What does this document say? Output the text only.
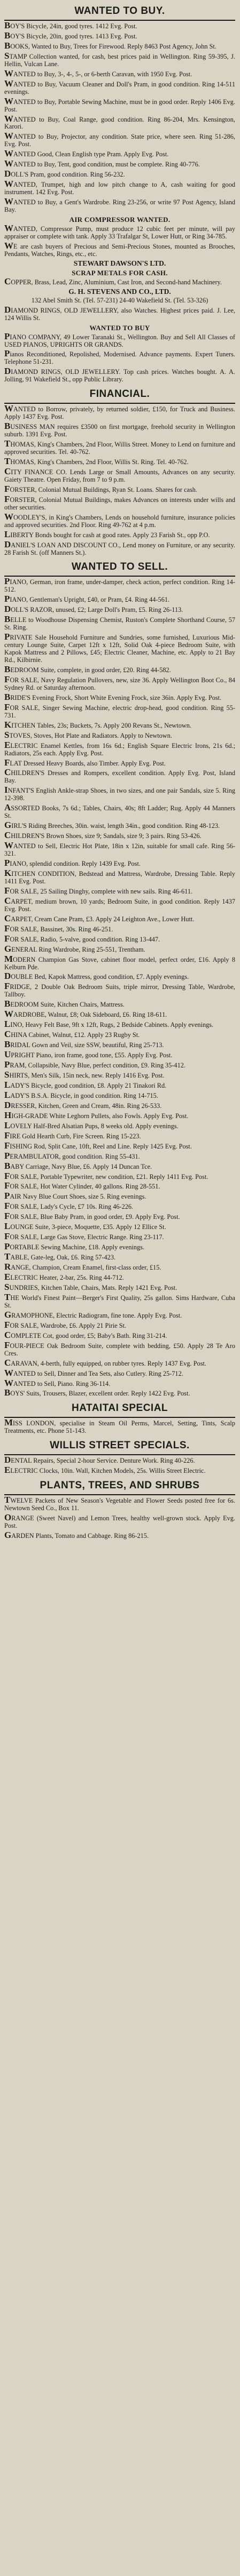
WANTED TO BUY.
BOY'S Bicycle, 24in, good tyres. 1412 Evg. Post.
BOY'S Bicycle, 20in, good tyres. 1413 Evg. Post.
BOOKS, Wanted to Buy, Trees for Firewood. Reply 8463 Post Agency, John St.
STAMP Collection wanted, for cash, best prices paid in Wellington. Ring 59-395, J. Hellin, Vulcan Lane.
WANTED to Buy, 3-, 4-, 5-, or 6-berth Caravan, with 1950 Evg. Post.
WANTED to Buy, Vacuum Cleaner and Doll's Pram, in good condition. Ring 14-511 evenings.
WANTED to Buy, Portable Sewing Machine, must be in good order. Reply 1406 Evg. Post.
WANTED to Buy, Coal Range, good condition. Ring 86-204, Mrs. Kensington, Karori.
WANTED to Buy, Projector, any condition. State price, where seen. Ring 51-286, Evg. Post.
WANTED Good, Clean English type Pram. Apply Evg. Post.
WANTED to Buy, Tent, good condition, must be complete. Ring 40-776.
DOLL'S Pram, good condition. Ring 56-232.
WANTED, Trumpet, high and low pitch change to A, cash waiting for good instrument. 142 Evg. Post.
WANTED to Buy, a Gent's Wardrobe. Ring 23-256, or write 97 Post Agency, Island Bay.
AIR COMPRESSOR WANTED.
WANTED, Compressor Pump, must produce 12 cubic feet per minute, will pay appraiser or complete with tank. Apply 33 Trafalgar St, Lower Hutt, or Ring 34-785.
WE are cash buyers of Precious and Semi-Precious Stones, mounted as Brooches, Pendants, Watches, Rings, etc., etc.
STEWART DAWSON'S LTD.
SCRAP METALS FOR CASH.
COPPER, Brass, Lead, Zinc, Aluminium, Cast Iron, and Second-hand Machinery.
G. H. STEVENS AND CO., LTD.
132 Abel Smith St. (Tel. 57-231) 24-40 Wakefield St. (Tel. 53-326)
DIAMOND RINGS, OLD JEWELLERY, also Watches. Highest prices paid. J. Lee, 124 Willis St.
WANTED TO BUY
PIANO COMPANY, 49 Lower Taranaki St., Wellington. Buy and Sell All Classes of USED PIANOS, UPRIGHTS OR GRANDS.
Pianos Reconditioned, Repolished, Modernised. Advance payments. Expert Tuners. Telephone 51-231.
DIAMOND RINGS, OLD JEWELLERY. Top cash prices. Watches bought. A. A. Jolling, 91 Wakefield St., opp Public Library.
FINANCIAL.
WANTED to Borrow, privately, by returned soldier, £150, for Truck and Business. Apply 1437 Evg. Post.
BUSINESS MAN requires £3500 on first mortgage, freehold security in Wellington suburb. 1391 Evg. Post.
THOMAS, King's Chambers, 2nd Floor, Willis Street. Money to Lend on furniture and approved securities. Tel. 40-762.
THOMAS, King's Chambers, 2nd Floor, Willis St. Ring. Tel. 40-762.
CITY FINANCE CO. Lends Large or Small Amounts, Advances on any security. Gaiety Theatre. Open Friday, from 7 to 9 p.m.
FORSTER, Colonial Mutual Buildings, Ryan St. Loans. Shares for cash.
FORSTER, Colonial Mutual Buildings, makes Advances on interests under wills and other securities.
WOODLEY'S, in King's Chambers, Lends on household furniture, insurance policies and approved securities. 2nd Floor. Ring 49-762 at 4 p.m.
LIBERTY Bonds bought for cash at good rates. Apply 23 Farish St., opp P.O.
DANIEL'S LOAN AND DISCOUNT CO., Lend money on Furniture, or any security. 28 Farish St. (off Manners St.).
WANTED TO SELL.
PIANO, German, iron frame, under-damper, check action, perfect condition. Ring 14-512.
PIANO, Gentleman's Upright, £40, or Pram, £4. Ring 44-561.
DOLL'S RAZOR, unused, £2; Large Doll's Pram, £5. Ring 26-113.
BELLE to Woodhouse Dispensing Chemist, Ruston's Complete Shorthand Course, 57 St. Ring.
PRIVATE Sale Household Furniture and Sundries, some furnished, Luxurious Mid-century Lounge Suite, Carpet 12ft x 12ft, Solid Oak 4-piece Bedroom Suite, with Kapok Mattress and 2 Pillows, £45; Electric Cleaner, Machine, etc. Apply to 21 Bay Rd., Kilbirnie.
BEDROOM Suite, complete, in good order, £20. Ring 44-582.
FOR SALE, Navy Regulation Pullovers, new, size 36. Apply Wellington Boot Co., 84 Sydney Rd. or Saturday afternoon.
BRIDE'S Evening Frock, Short White Evening Frock, size 36in. Apply Evg. Post.
FOR SALE, Singer Sewing Machine, electric drop-head, good condition. Ring 55-731.
KITCHEN Tables, 23s; Buckets, 7s. Apply 200 Revans St., Newtown.
STOVES, Stoves, Hot Plate and Radiators. Apply to Newtown.
ELECTRIC Enamel Kettles, from 16s 6d.; English Square Electric Irons, 21s 6d.; Radiators, 25s each. Apply Evg. Post.
FLAT Dressed Heavy Boards, also Timber. Apply Evg. Post.
CHILDREN'S Dresses and Rompers, excellent condition. Apply Evg. Post, Island Bay.
INFANT'S English Ankle-strap Shoes, in two sizes, and one pair Sandals, size 5. Ring 12-398.
ASSORTED Books, 7s 6d.; Tables, Chairs, 40s; 8ft Ladder; Rug. Apply 44 Manners St.
GIRL'S Riding Breeches, 30in. waist, length 34in., good condition. Ring 48-123.
CHILDREN'S Brown Shoes, size 9; Sandals, size 9; 3 pairs. Ring 53-426.
WANTED to Sell, Electric Hot Plate, 18in x 12in, suitable for small cafe. Ring 56-321.
PIANO, splendid condition. Reply 1439 Evg. Post.
KITCHEN CONDITION, Bedstead and Mattress, Wardrobe, Dressing Table. Reply 1411 Evg. Post.
FOR SALE, 25 Sailing Dinghy, complete with new sails. Ring 46-611.
CARPET, medium brown, 10 yards; Bedroom Suite, in good condition. Reply 1437 Evg. Post.
CARPET, Cream Cane Pram, £3. Apply 24 Leighton Ave., Lower Hutt.
FOR SALE, Bassinet, 30s. Ring 46-251.
FOR SALE, Radio, 5-valve, good condition. Ring 13-447.
GENERAL Ring Wardrobe, Ring 25-551, Trentham.
MODERN Champion Gas Stove, cabinet floor model, perfect order, £16. Apply 8 Kelburn Pde.
DOUBLE Bed, Kapok Mattress, good condition, £7. Apply evenings.
FRIDGE, 2 Double Oak Bedroom Suits, triple mirror, Dressing Table, Wardrobe, Tallboy.
BEDROOM Suite, Kitchen Chairs, Mattress.
WARDROBE, Walnut, £8; Oak Sideboard, £6. Ring 18-611.
LINO, Heavy Felt Base, 9ft x 12ft, Rugs, 2 Bedside Cabinets. Apply evenings.
CHINA Cabinet, Walnut, £12. Apply 23 Rugby St.
BRIDAL Gown and Veil, size SSW, beautiful, Ring 25-713.
UPRIGHT Piano, iron frame, good tone, £55. Apply Evg. Post.
PRAM, Collapsible, Navy Blue, perfect condition, £9. Ring 35-412.
SHIRTS, Men's Silk, 15in neck, new. Reply 1416 Evg. Post.
LADY'S Bicycle, good condition, £8. Apply 21 Tinakori Rd.
LADY'S B.S.A. Bicycle, in good condition. Ring 14-715.
DRESSER, Kitchen, Green and Cream, 48in. Ring 26-533.
HIGH-GRADE White Leghorn Pullets, also Fowls. Apply Evg. Post.
LOVELY Half-Bred Alsatian Pups, 8 weeks old. Apply evenings.
FIRE Gold Hearth Curb, Fire Screen. Ring 15-223.
FISHING Rod, Split Cane, 10ft, Reel and Line. Reply 1425 Evg. Post.
PERAMBULATOR, good condition. Ring 55-431.
BABY Carriage, Navy Blue, £6. Apply 14 Duncan Tce.
FOR SALE, Portable Typewriter, new condition, £21. Reply 1411 Evg. Post.
FOR SALE, Hot Water Cylinder, 40 gallons. Ring 28-551.
PAIR Navy Blue Court Shoes, size 5. Ring evenings.
FOR SALE, Lady's Cycle, £7 10s. Ring 46-226.
FOR SALE, Blue Baby Pram, in good order, £9. Apply Evg. Post.
LOUNGE Suite, 3-piece, Moquette, £35. Apply 12 Ellice St.
FOR SALE, Large Gas Stove, Electric Range. Ring 23-117.
PORTABLE Sewing Machine, £18. Apply evenings.
TABLE, Gate-leg, Oak, £6. Ring 57-423.
RANGE, Champion, Cream Enamel, first-class order, £15.
ELECTRIC Heater, 2-bar, 25s. Ring 44-712.
SUNDRIES, Kitchen Table, Chairs, Mats. Reply 1421 Evg. Post.
THE World's Finest Paint—Berger's First Quality, 25s gallon. Sims Hardware, Cuba St.
GRAMOPHONE, Electric Radiogram, fine tone. Apply Evg. Post.
FOR SALE, Wardrobe, £6. Apply 21 Pirie St.
COMPLETE Cot, good order, £5; Baby's Bath. Ring 31-214.
FOUR-PIECE Oak Bedroom Suite, complete with bedding, £50. Apply 28 Te Aro Cres.
CARAVAN, 4-berth, fully equipped, on rubber tyres. Reply 1437 Evg. Post.
WANTED to Sell, Dinner and Tea Sets, also Cutlery. Ring 25-712.
WANTED to Sell, Piano. Ring 36-114.
BOYS' Suits, Trousers, Blazer, excellent order. Reply 1422 Evg. Post.
HATAITAI SPECIAL
MISS LONDON, specialise in Steam Oil Perms, Marcel, Setting, Tints, Scalp Treatments, etc. Phone 51-143.
WILLIS STREET SPECIALS.
DENTAL Repairs, Special 2-hour Service. Denture Work. Ring 40-226.
ELECTRIC Clocks, 10in. Wall, Kitchen Models, 25s. Willis Street Electric.
PLANTS, TREES, AND SHRUBS
TWELVE Packets of New Season's Vegetable and Flower Seeds posted free for 6s. Newtown Seed Co., Box 11.
ORANGE (Sweet Navel) and Lemon Trees, healthy well-grown stock. Apply Evg. Post.
GARDEN Plants, Tomato and Cabbage. Ring 86-215.
